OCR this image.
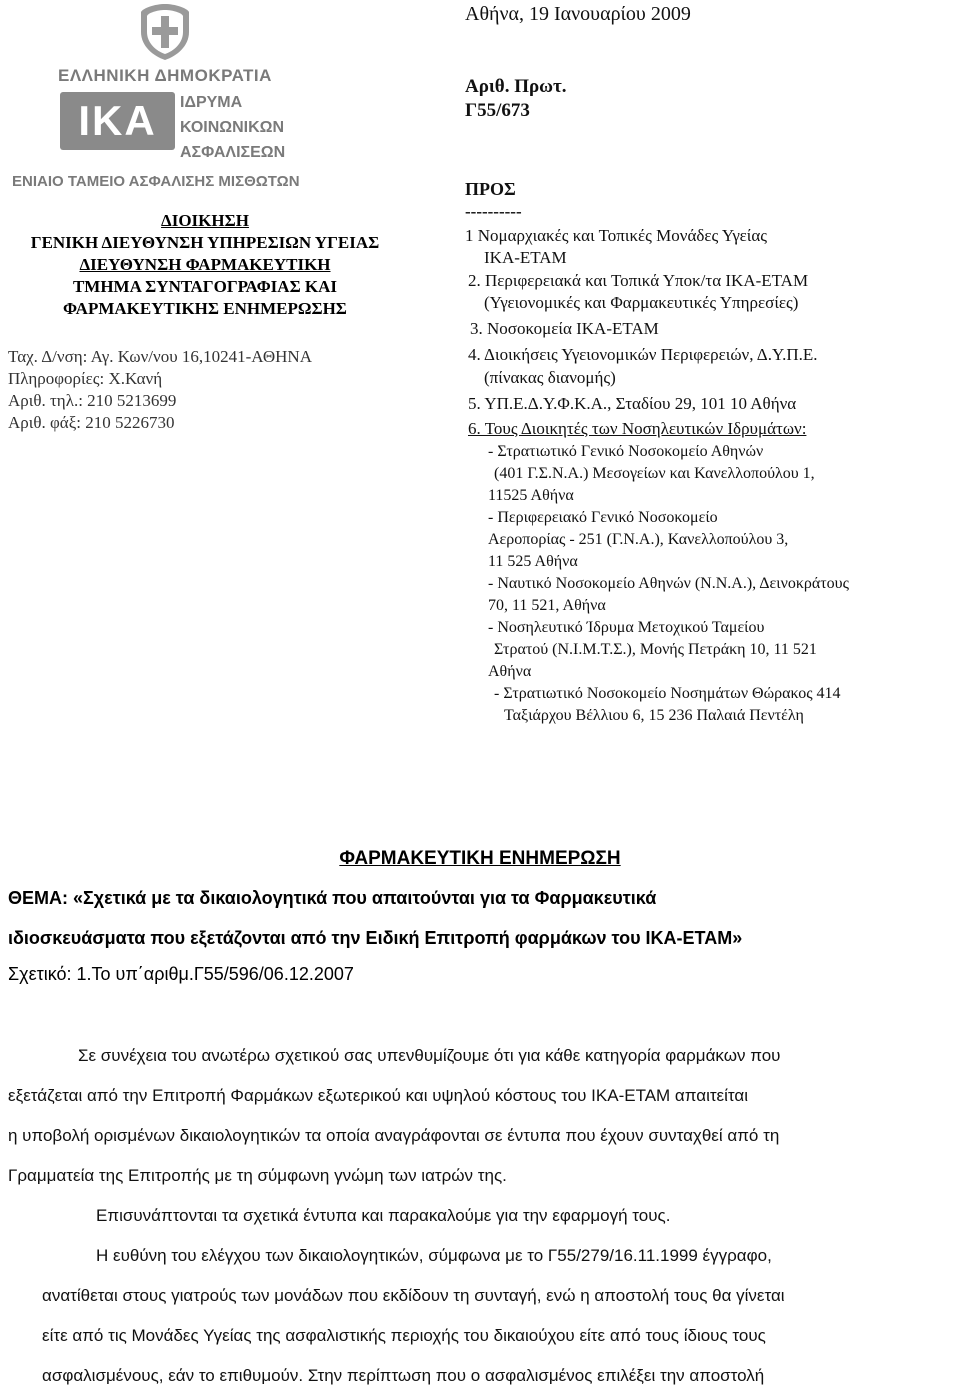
ΕΛΛΗΝΙΚΗ ΔΗΜΟΚΡΑΤΙΑ
ΙΚΑ	ΙΔΡΥΜΑ
ΚΟΙΝΩΝΙΚΩΝ
ΑΣΦΑΛΙΣΕΩΝ
ΕΝΙΑΙΟ ΤΑΜΕΙΟ ΑΣΦΑΛΙΣΗΣ ΜΙΣΘΩΤΩΝ
ΔΙΟΙΚΗΣΗ
ΓΕΝΙΚΗ ΔΙΕΥΘΥΝΣΗ ΥΠΗΡΕΣΙΩΝ ΥΓΕΙΑΣ
ΔΙΕΥΘΥΝΣΗ ΦΑΡΜΑΚΕΥΤΙΚΗ
ΤΜΗΜΑ ΣΥΝΤΑΓΟΓΡΑΦΙΑΣ ΚΑΙ
ΦΑΡΜΑΚΕΥΤΙΚΗΣ ΕΝΗΜΕΡΩΣΗΣ
Ταχ. Δ/νση: Αγ. Κων/νου 16,10241-ΑΘΗΝΑ
Πληροφορίες: Χ.Κανή
Αριθ. τηλ.: 210 5213699
Αριθ. φάξ: 210 5226730
Αθήνα, 19 Ιανουαρίου 2009
Αριθ. Πρωτ.
Γ55/673
ΠΡΟΣ
----------
1 Νομαρχιακές και Τοπικές Μονάδες Υγείας
ΙΚΑ-ΕΤΑΜ
2. Περιφερειακά και Τοπικά Υποκ/τα ΙΚΑ-ΕΤΑΜ
(Υγειονομικές και Φαρμακευτικές Υπηρεσίες)
3. Νοσοκομεία ΙΚΑ-ΕΤΑΜ
4. Διοικήσεις Υγειονομικών Περιφερειών, Δ.Υ.Π.Ε.
(πίνακας διανομής)
5. ΥΠ.Ε.Δ.Υ.Φ.Κ.Α., Σταδίου 29, 101 10 Αθήνα
6. Τους Διοικητές των Νοσηλευτικών Ιδρυμάτων:
- Στρατιωτικό Γενικό Νοσοκομείο Αθηνών
(401 Γ.Σ.Ν.Α.) Μεσογείων και Κανελλοπούλου 1,
11525 Αθήνα
- Περιφερειακό Γενικό Νοσοκομείο
Αεροπορίας - 251 (Γ.Ν.Α.), Κανελλοπούλου 3,
11 525 Αθήνα
- Ναυτικό Νοσοκομείο Αθηνών (Ν.Ν.Α.), Δεινοκράτους
70, 11 521, Αθήνα
- Νοσηλευτικό Ίδρυμα Μετοχικού Ταμείου
Στρατού (Ν.Ι.Μ.Τ.Σ.), Μονής Πετράκη 10, 11 521
Αθήνα
- Στρατιωτικό Νοσοκομείο Νοσημάτων Θώρακος 414
Ταξιάρχου Βέλλιου 6, 15 236 Παλαιά Πεντέλη
ΦΑΡΜΑΚΕΥΤΙΚΗ ΕΝΗΜΕΡΩΣΗ
ΘΕΜΑ: «Σχετικά με τα δικαιολογητικά που απαιτούνται για τα Φαρμακευτικά
ιδιοσκευάσματα που εξετάζονται από την Ειδική Επιτροπή φαρμάκων του ΙΚΑ-ΕΤΑΜ»
Σχετικό: 1.Το υπ΄αριθμ.Γ55/596/06.12.2007
Σε συνέχεια του ανωτέρω σχετικού σας υπενθυμίζουμε ότι για κάθε κατηγορία φαρμάκων που
εξετάζεται από την Επιτροπή Φαρμάκων εξωτερικού και υψηλού κόστους του ΙΚΑ-ΕΤΑΜ απαιτείται
η υποβολή ορισμένων δικαιολογητικών τα οποία αναγράφονται σε έντυπα που έχουν συνταχθεί από τη
Γραμματεία της Επιτροπής με τη σύμφωνη γνώμη των ιατρών της.
Επισυνάπτονται τα σχετικά έντυπα και παρακαλούμε για την εφαρμογή τους.
Η ευθύνη του ελέγχου των δικαιολογητικών, σύμφωνα με το Γ55/279/16.11.1999 έγγραφο,
ανατίθεται στους γιατρούς των μονάδων που εκδίδουν τη συνταγή, ενώ η αποστολή τους θα γίνεται
είτε από τις Μονάδες Υγείας της ασφαλιστικής περιοχής του δικαιούχου είτε από τους ίδιους τους
ασφαλισμένους, εάν το επιθυμούν. Στην περίπτωση που ο ασφαλισμένος επιλέξει την αποστολή
